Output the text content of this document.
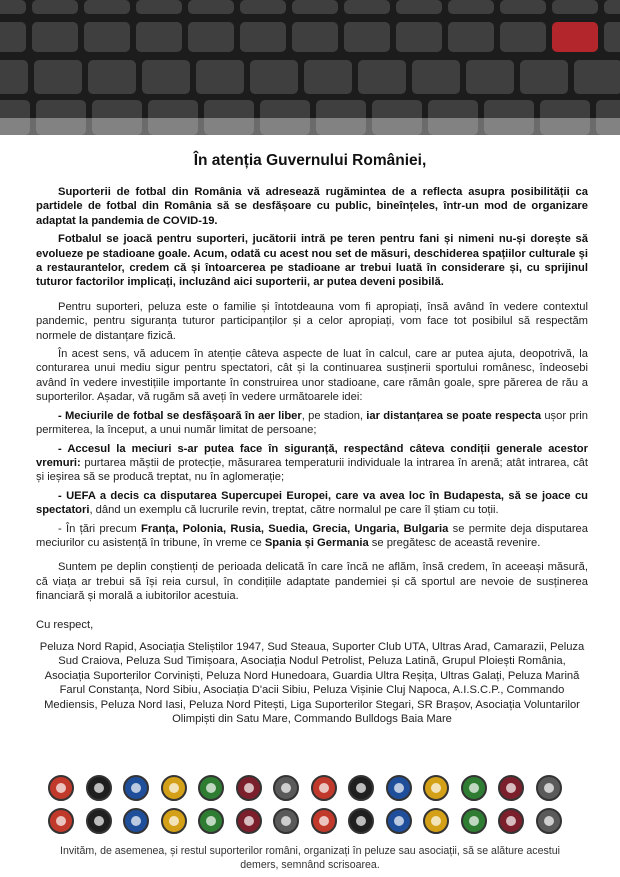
În atenția Guvernului României,

Suporterii de fotbal din România vă adresează rugămintea de a reflecta asupra posibilității ca partidele de fotbal din România să se desfășoare cu public, bineînțeles, într-un mod de organizare adaptat la pandemia de COVID-19.

Fotbalul se joacă pentru suporteri, jucătorii intră pe teren pentru fani și nimeni nu-și dorește să evolueze pe stadioane goale. Acum, odată cu acest nou set de măsuri, deschiderea spațiilor culturale și a restaurantelor, credem că și întoarcerea pe stadioane ar trebui luată în considerare și, cu sprijinul tuturor factorilor implicați, incluzând aici suporterii, ar putea deveni posibilă.

Pentru suporteri, peluza este o familie și întotdeauna vom fi apropiați, însă având în vedere contextul pandemic, pentru siguranța tuturor participanților și a celor apropiați, vom face tot posibilul să respectăm normele de distanțare fizică.

În acest sens, vă aducem în atenție câteva aspecte de luat în calcul, care ar putea ajuta, deopotrivă, la conturarea unui mediu sigur pentru spectatori, cât și la continuarea susținerii sportului românesc, îndeosebi având în vedere investițiile importante în construirea unor stadioane, care rămân goale, spre părerea de rău a suporterilor. Așadar, vă rugăm să aveți în vedere următoarele idei:

- Meciurile de fotbal se desfășoară în aer liber, pe stadion, iar distanțarea se poate respecta ușor prin permiterea, la început, a unui număr limitat de persoane;

- Accesul la meciuri s-ar putea face în siguranță, respectând câteva condiții generale acestor vremuri: purtarea măștii de protecție, măsurarea temperaturii individuale la intrarea în arenă; atât intrarea, cât și ieșirea să se producă treptat, nu în aglomerație;

- UEFA a decis ca disputarea Supercupei Europei, care va avea loc în Budapesta, să se joace cu spectatori, dând un exemplu că lucrurile revin, treptat, către normalul pe care îl știam cu toții.

- În țări precum Franța, Polonia, Rusia, Suedia, Grecia, Ungaria, Bulgaria se permite deja disputarea meciurilor cu asistență în tribune, în vreme ce Spania și Germania se pregătesc de această revenire.

Suntem pe deplin conștienți de perioada delicată în care încă ne aflăm, însă credem, în aceeași măsură, că viața ar trebui să își reia cursul, în condițiile adaptate pandemiei și că sportul are nevoie de susținerea financiară și morală a iubitorilor acestuia.

Cu respect,

Peluza Nord Rapid, Asociația Steliștilor 1947, Sud Steaua, Suporter Club UTA, Ultras Arad, Camarazii, Peluza Sud Craiova, Peluza Sud Timișoara, Asociația Nodul Petrolist, Peluza Latină, Grupul Ploiești România, Asociația Suporterilor Corviniști, Peluza Nord Hunedoara, Guardia Ultra Reșița, Ultras Galați, Peluza Marină Farul Constanța, Nord Sibiu, Asociația D'acii Sibiu, Peluza Vișinie Cluj Napoca, A.I.S.C.P., Commando Mediensis, Peluza Nord Iasi, Peluza Nord Pitești, Liga Suporterilor Stegari, SR Brașov, Asociația Voluntarilor Olimpiști din Satu Mare, Commando Bulldogs Baia Mare

Invităm, de asemenea, și restul suporterilor români, organizați în peluze sau asociații, să se alăture acestui demers, semnând scrisoarea.
